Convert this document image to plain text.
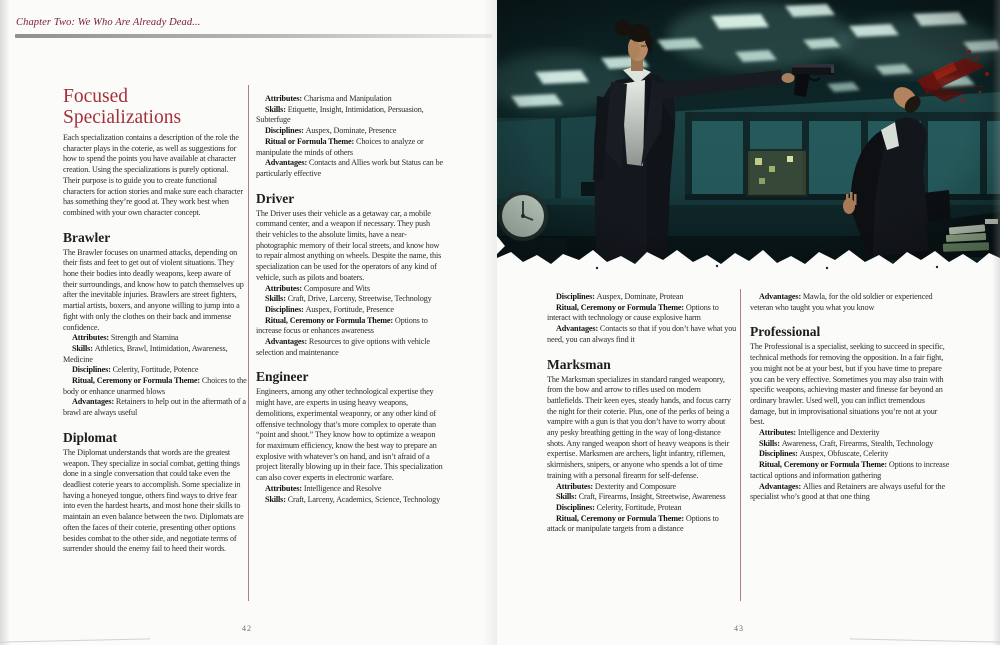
Chapter Two: We Who Are Already Dead...
Focused Specializations

Each specialization contains a description of the role the character plays in the coterie, as well as suggestions for how to spend the points you have available at character creation. Using the specializations is purely optional. Their purpose is to guide you to create functional characters for action stories and make sure each character has something they’re good at. They work best when combined with your own character concept.

Brawler

The Brawler focuses on unarmed attacks, depending on their fists and feet to get out of violent situations. They hone their bodies into deadly weapons, keep aware of their surroundings, and know how to patch themselves up after the inevitable injuries. Brawlers are street fighters, martial artists, boxers, and anyone willing to jump into a fight with only the clothes on their back and immense confidence.

Attributes: Strength and Stamina

Skills: Athletics, Brawl, Intimidation, Awareness, Medicine

Disciplines: Celerity, Fortitude, Potence

Ritual, Ceremony or Formula Theme: Choices to the body or enhance unarmed blows

Advantages: Retainers to help out in the aftermath of a brawl are always useful

Diplomat

The Diplomat understands that words are the greatest weapon. They specialize in social combat, getting things done in a single conversation that could take even the deadliest coterie years to accomplish. Some specialize in having a honeyed tongue, others find ways to drive fear into even the hardest hearts, and most hone their skills to maintain an even balance between the two. Diplomats are often the faces of their coterie, presenting other options besides combat to the other side, and negotiate terms of surrender should the enemy fail to heed their words.

Attributes: Charisma and Manipulation

Skills: Etiquette, Insight, Intimidation, Persuasion, Subterfuge

Disciplines: Auspex, Dominate, Presence

Ritual or Formula Theme: Choices to analyze or manipulate the minds of others

Advantages: Contacts and Allies work but Status can be particularly effective

Driver

The Driver uses their vehicle as a getaway car, a mobile command center, and a weapon if necessary. They push their vehicles to the absolute limits, have a near-photographic memory of their local streets, and know how to repair almost anything on wheels. Despite the name, this specialization can be used for the operators of any kind of vehicle, such as pilots and boaters.

Attributes: Composure and Wits

Skills: Craft, Drive, Larceny, Streetwise, Technology

Disciplines: Auspex, Fortitude, Presence

Ritual, Ceremony or Formula Theme: Options to increase focus or enhances awareness

Advantages: Resources to give options with vehicle selection and maintenance

Engineer

Engineers, among any other technological expertise they might have, are experts in using heavy weapons, demolitions, experimental weaponry, or any other kind of offensive technology that’s more complex to operate than “point and shoot.” They know how to optimize a weapon for maximum efficiency, know the best way to prepare an explosive with whatever’s on hand, and isn’t afraid of a project literally blowing up in their face. This specialization can also cover experts in electronic warfare.

Attributes: Intelligence and Resolve

Skills: Craft, Larceny, Academics, Science, Technology

42

Disciplines: Auspex, Dominate, Protean

Ritual, Ceremony or Formula Theme: Options to interact with technology or cause explosive harm

Advantages: Contacts so that if you don’t have what you need, you can always find it

Marksman

The Marksman specializes in standard ranged weaponry, from the bow and arrow to rifles used on modern battlefields. Their keen eyes, steady hands, and focus carry the night for their coterie. Plus, one of the perks of being a vampire with a gun is that you don’t have to worry about any pesky breathing getting in the way of long-distance shots. Any ranged weapon short of heavy weapons is their expertise. Marksmen are archers, light infantry, riflemen, skirmishers, snipers, or anyone who spends a lot of time training with a personal firearm for self-defense.

Attributes: Dexterity and Composure

Skills: Craft, Firearms, Insight, Streetwise, Awareness

Disciplines: Celerity, Fortitude, Protean

Ritual, Ceremony or Formula Theme: Options to attack or manipulate targets from a distance

Advantages: Mawla, for the old soldier or experienced veteran who taught you what you know

Professional

The Professional is a specialist, seeking to succeed in specific, technical methods for removing the opposition. In a fair fight, you might not be at your best, but if you have time to prepare you can be very effective. Sometimes you may also train with specific weapons, achieving master and finesse far beyond an ordinary brawler. Used well, you can inflict tremendous damage, but in improvisational situations you’re not at your best.

Attributes: Intelligence and Dexterity

Skills: Awareness, Craft, Firearms, Stealth, Technology

Disciplines: Auspex, Obfuscate, Celerity

Ritual, Ceremony or Formula Theme: Options to increase tactical options and information gathering

Advantages: Allies and Retainers are always useful for the specialist who’s good at that one thing

43
